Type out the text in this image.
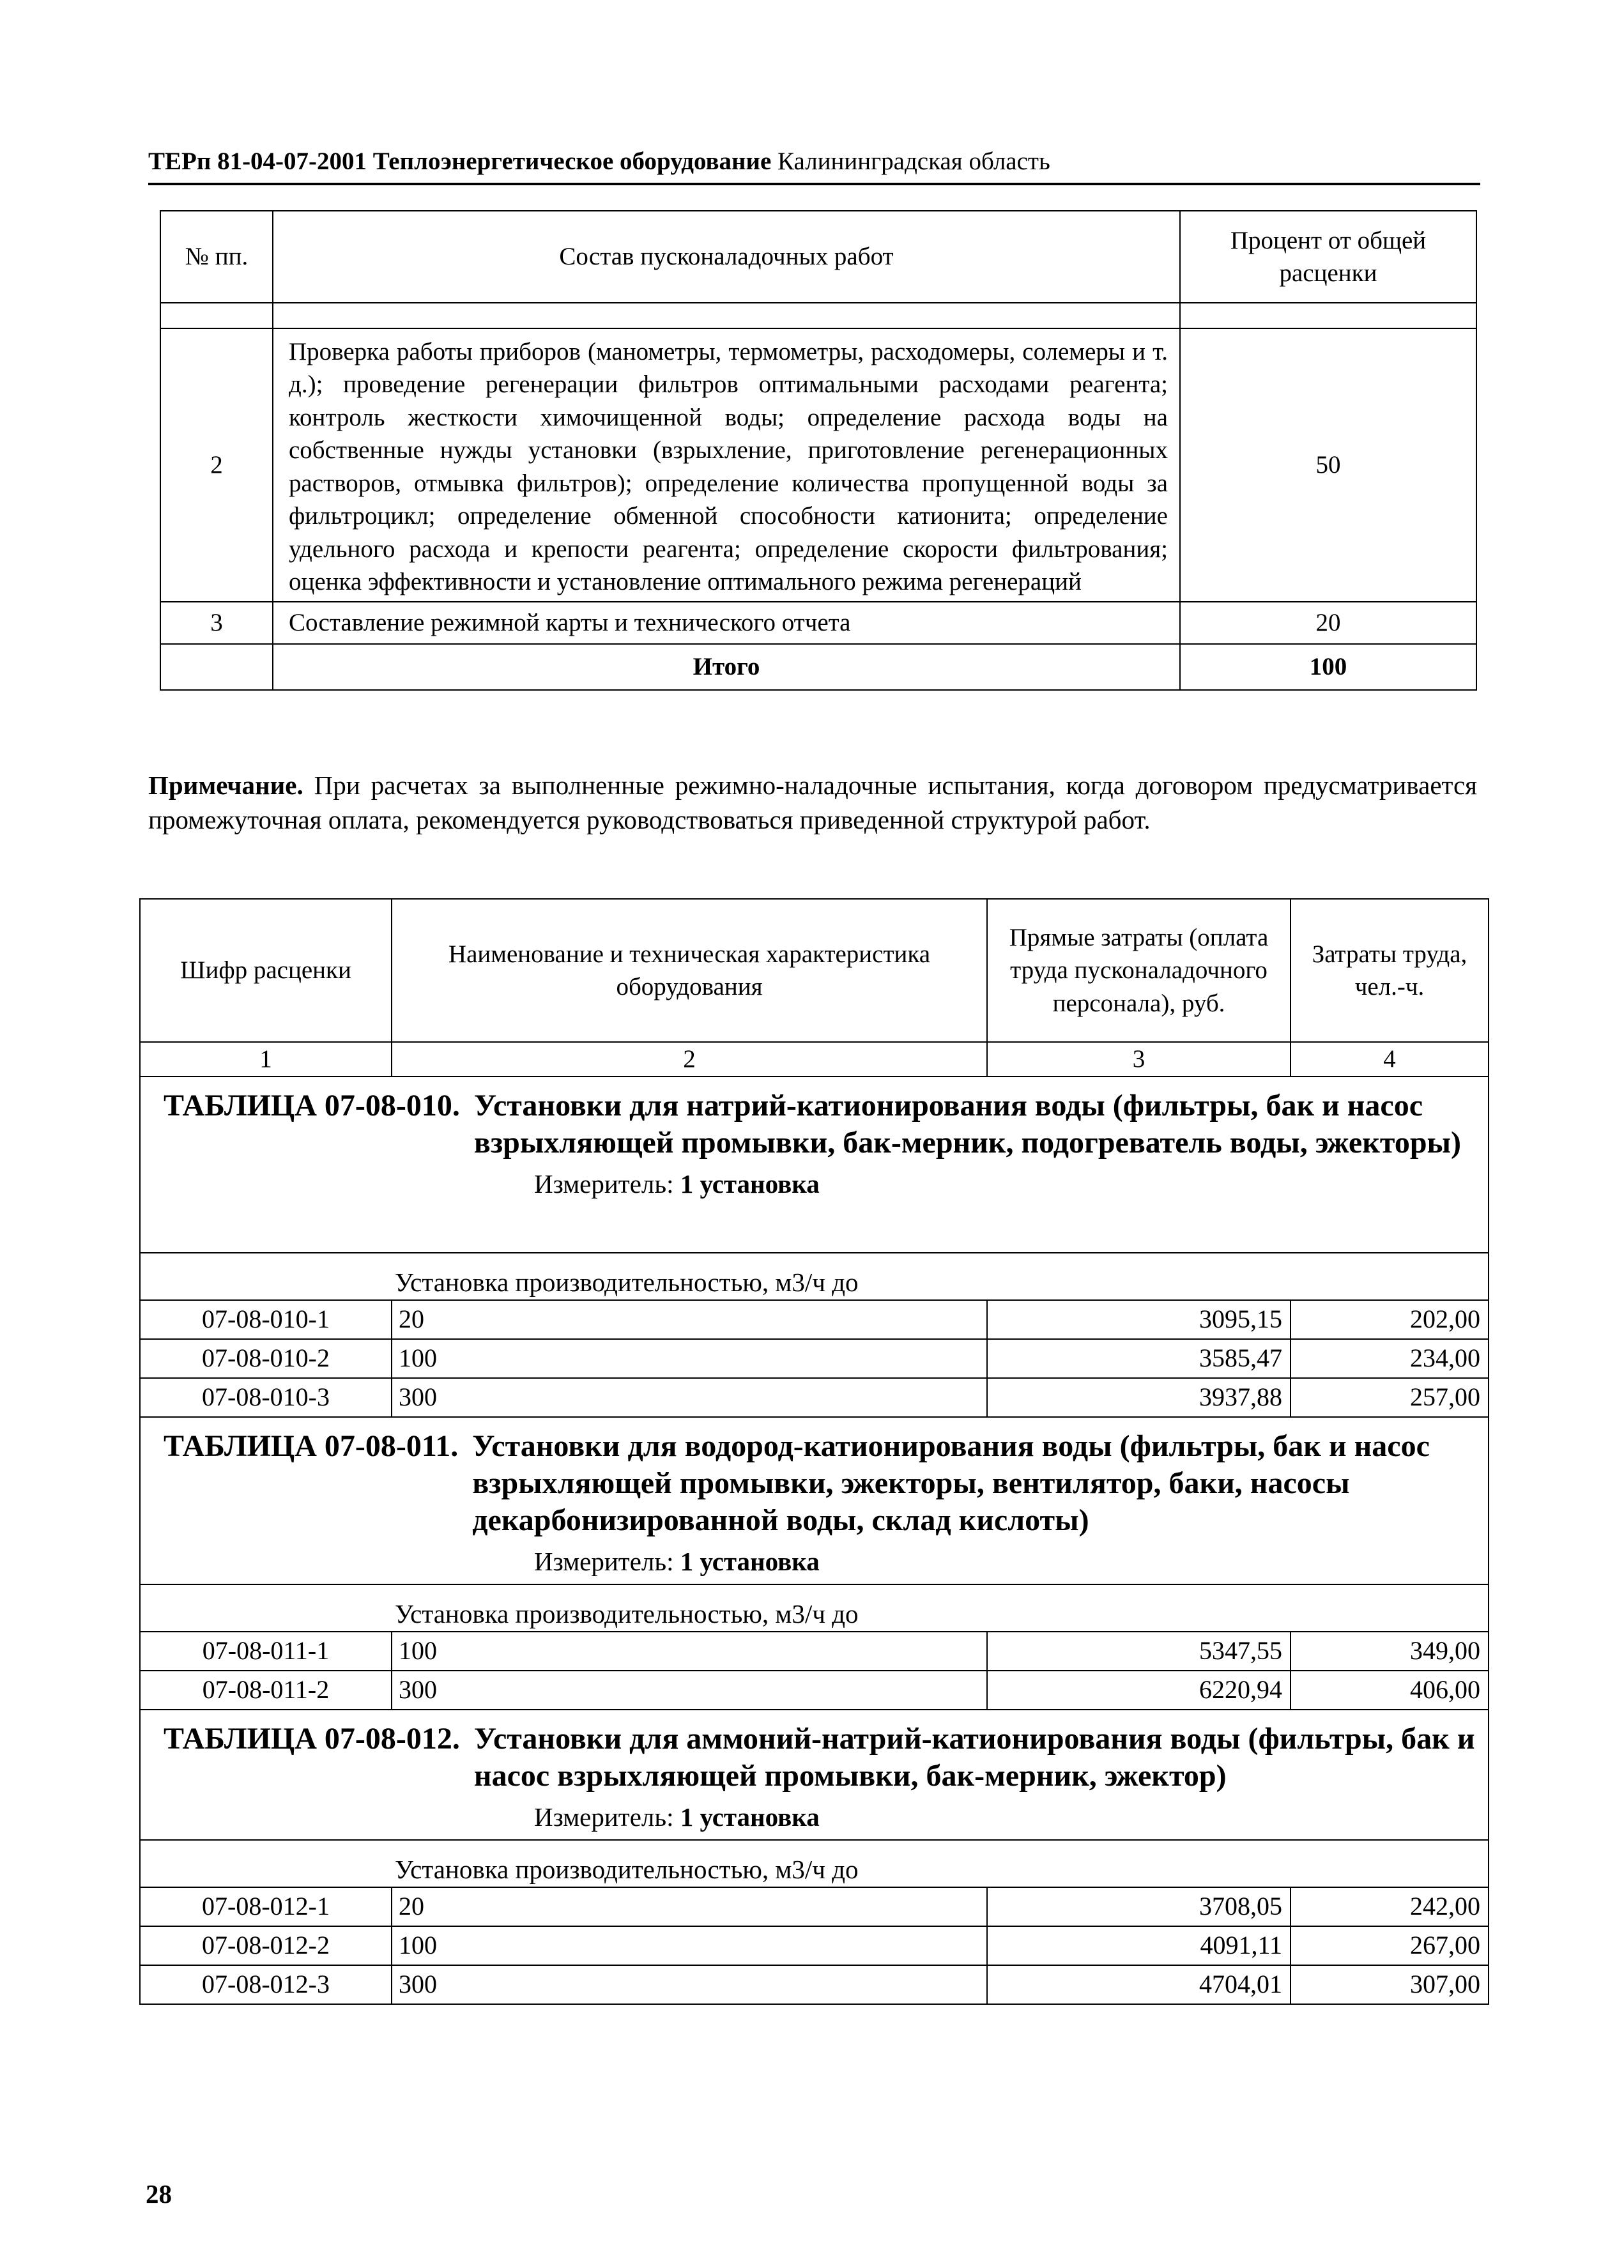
ТЕРп 81-04-07-2001 Теплоэнергетическое оборудование Калининградская область
№ пп.	Состав пусконаладочных работ	Процент от общей расценки

2	Проверка работы приборов (манометры, термометры, расходомеры, солемеры и т. д.); проведение регенерации фильтров оптимальными расходами реагента; контроль жесткости химочищенной воды; определение расхода воды на собственные нужды установки (взрыхление, приготовление регенерационных растворов, отмывка фильтров); определение количества пропущенной воды за фильтроцикл; определение обменной способности катионита; определение удельного расхода и крепости реагента; определение скорости фильтрования; оценка эффективности и установление оптимального режима регенераций	50
3	Составление режимной карты и технического отчета	20
	Итого	100
Примечание. При расчетах за выполненные режимно-наладочные испытания, когда договором предусматривается промежуточная оплата, рекомендуется руководствоваться приведенной структурой работ.
Шифр расценки	Наименование и техническая характеристика оборудования	Прямые затраты (оплата труда пусконаладочного персонала), руб.	Затраты труда, чел.-ч.
1	2	3	4

ТАБЛИЦА 07-08-010. Установки для натрий-катионирования воды (фильтры, бак и насос взрыхляющей промывки, бак-мерник, подогреватель воды, эжекторы)
Измеритель: 1 установка			

Установка производительностью, м3/ч до			
07-08-010-1	20	3095,15	202,00
07-08-010-2	100	3585,47	234,00
07-08-010-3	300	3937,88	257,00

ТАБЛИЦА 07-08-011. Установки для водород-катионирования воды (фильтры, бак и насос взрыхляющей промывки, эжекторы, вентилятор, баки, насосы декарбонизированной воды, склад кислоты)
Измеритель: 1 установка			

Установка производительностью, м3/ч до			
07-08-011-1	100	5347,55	349,00
07-08-011-2	300	6220,94	406,00

ТАБЛИЦА 07-08-012. Установки для аммоний-натрий-катионирования воды (фильтры, бак и насос взрыхляющей промывки, бак-мерник, эжектор)
Измеритель: 1 установка			

Установка производительностью, м3/ч до			
07-08-012-1	20	3708,05	242,00
07-08-012-2	100	4091,11	267,00
07-08-012-3	300	4704,01	307,00
28
